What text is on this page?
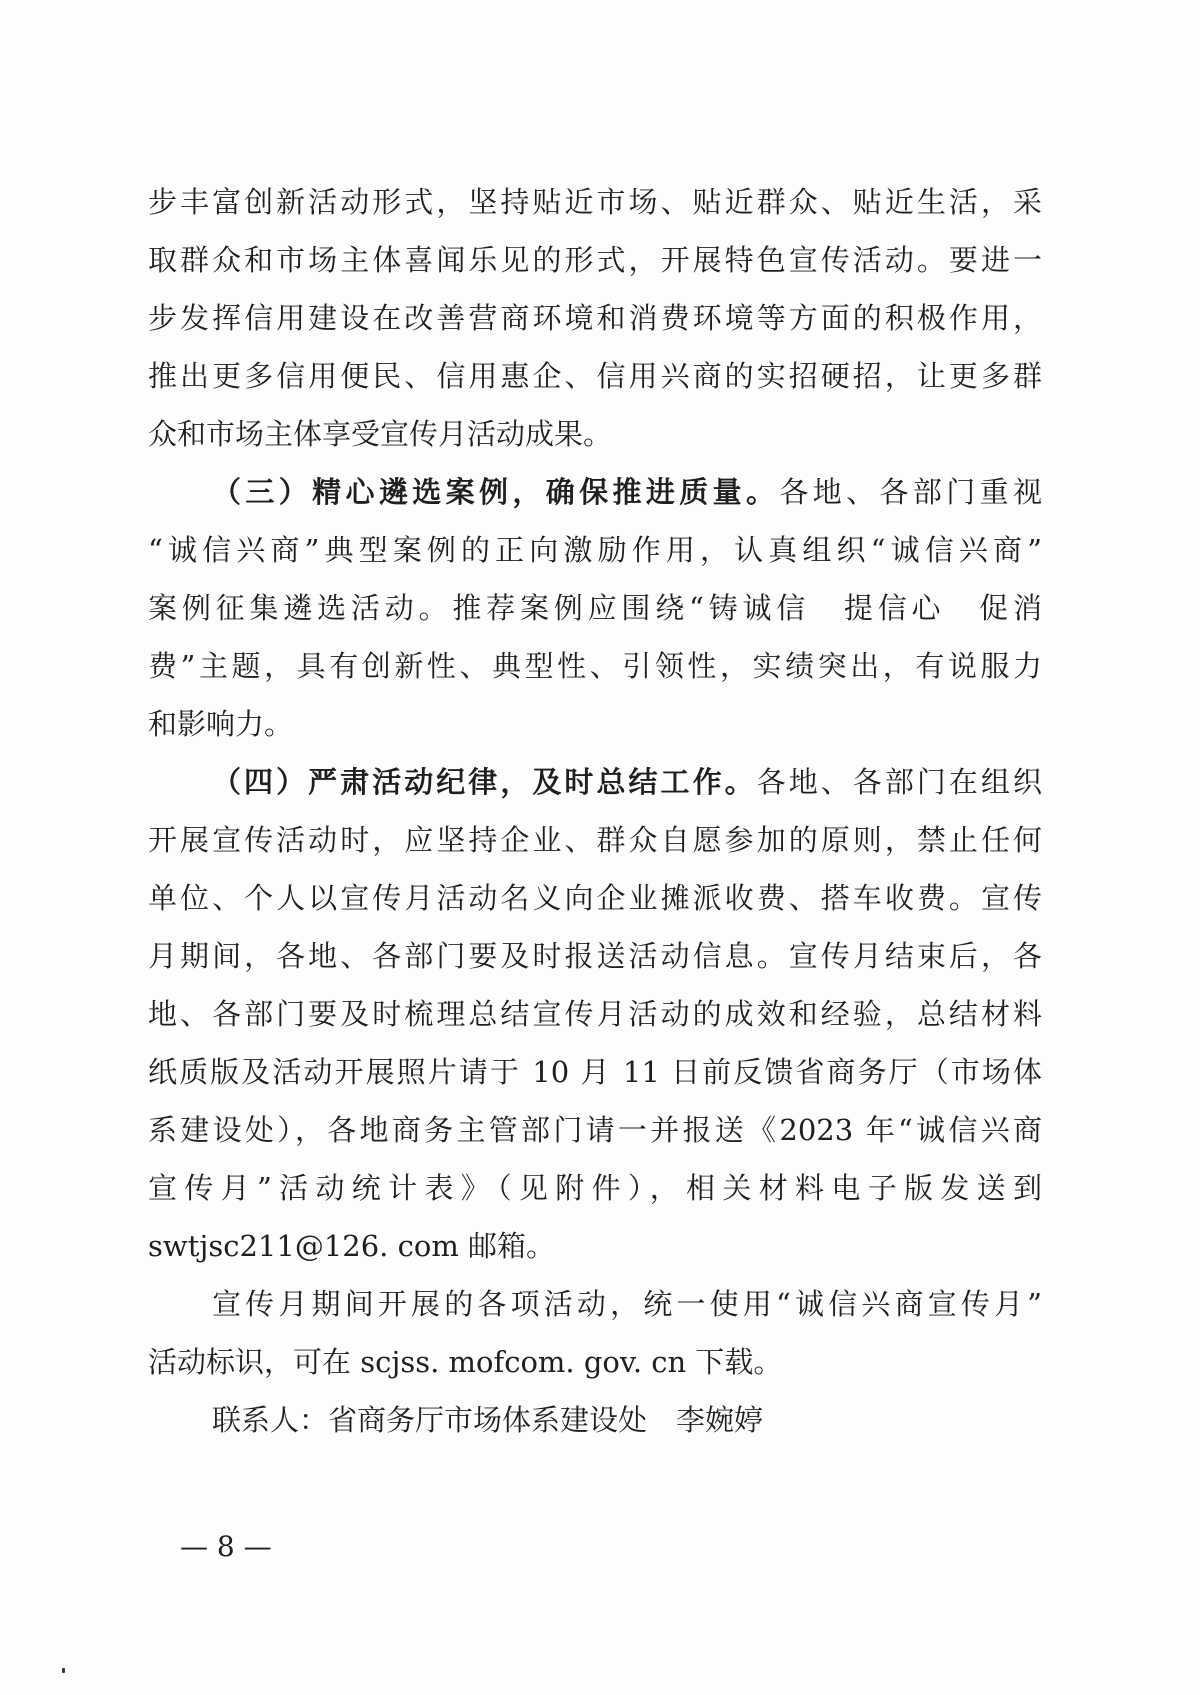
步丰富创新活动形式，坚持贴近市场、贴近群众、贴近生活，采
取群众和市场主体喜闻乐见的形式，开展特色宣传活动。要进一
步发挥信用建设在改善营商环境和消费环境等方面的积极作用，
推出更多信用便民、信用惠企、信用兴商的实招硬招，让更多群
众和市场主体享受宣传月活动成果。
（三）精心遴选案例，确保推进质量。各地、各部门重视
“诚信兴商”典型案例的正向激励作用，认真组织“诚信兴商”
案例征集遴选活动。推荐案例应围绕“铸诚信　提信心　促消
费”主题，具有创新性、典型性、引领性，实绩突出，有说服力
和影响力。
（四）严肃活动纪律，及时总结工作。各地、各部门在组织
开展宣传活动时，应坚持企业、群众自愿参加的原则，禁止任何
单位、个人以宣传月活动名义向企业摊派收费、搭车收费。宣传
月期间，各地、各部门要及时报送活动信息。宣传月结束后，各
地、各部门要及时梳理总结宣传月活动的成效和经验，总结材料
纸质版及活动开展照片请于 10 月 11 日前反馈省商务厅（市场体
系建设处），各地商务主管部门请一并报送《2023 年“诚信兴商
宣传月”活动统计表》（见附件），相关材料电子版发送到
swtjsc211@126. com 邮箱。
宣传月期间开展的各项活动，统一使用“诚信兴商宣传月”
活动标识，可在 scjss. mofcom. gov. cn 下载。
联系人：省商务厅市场体系建设处　李婉婷
— 8 —
